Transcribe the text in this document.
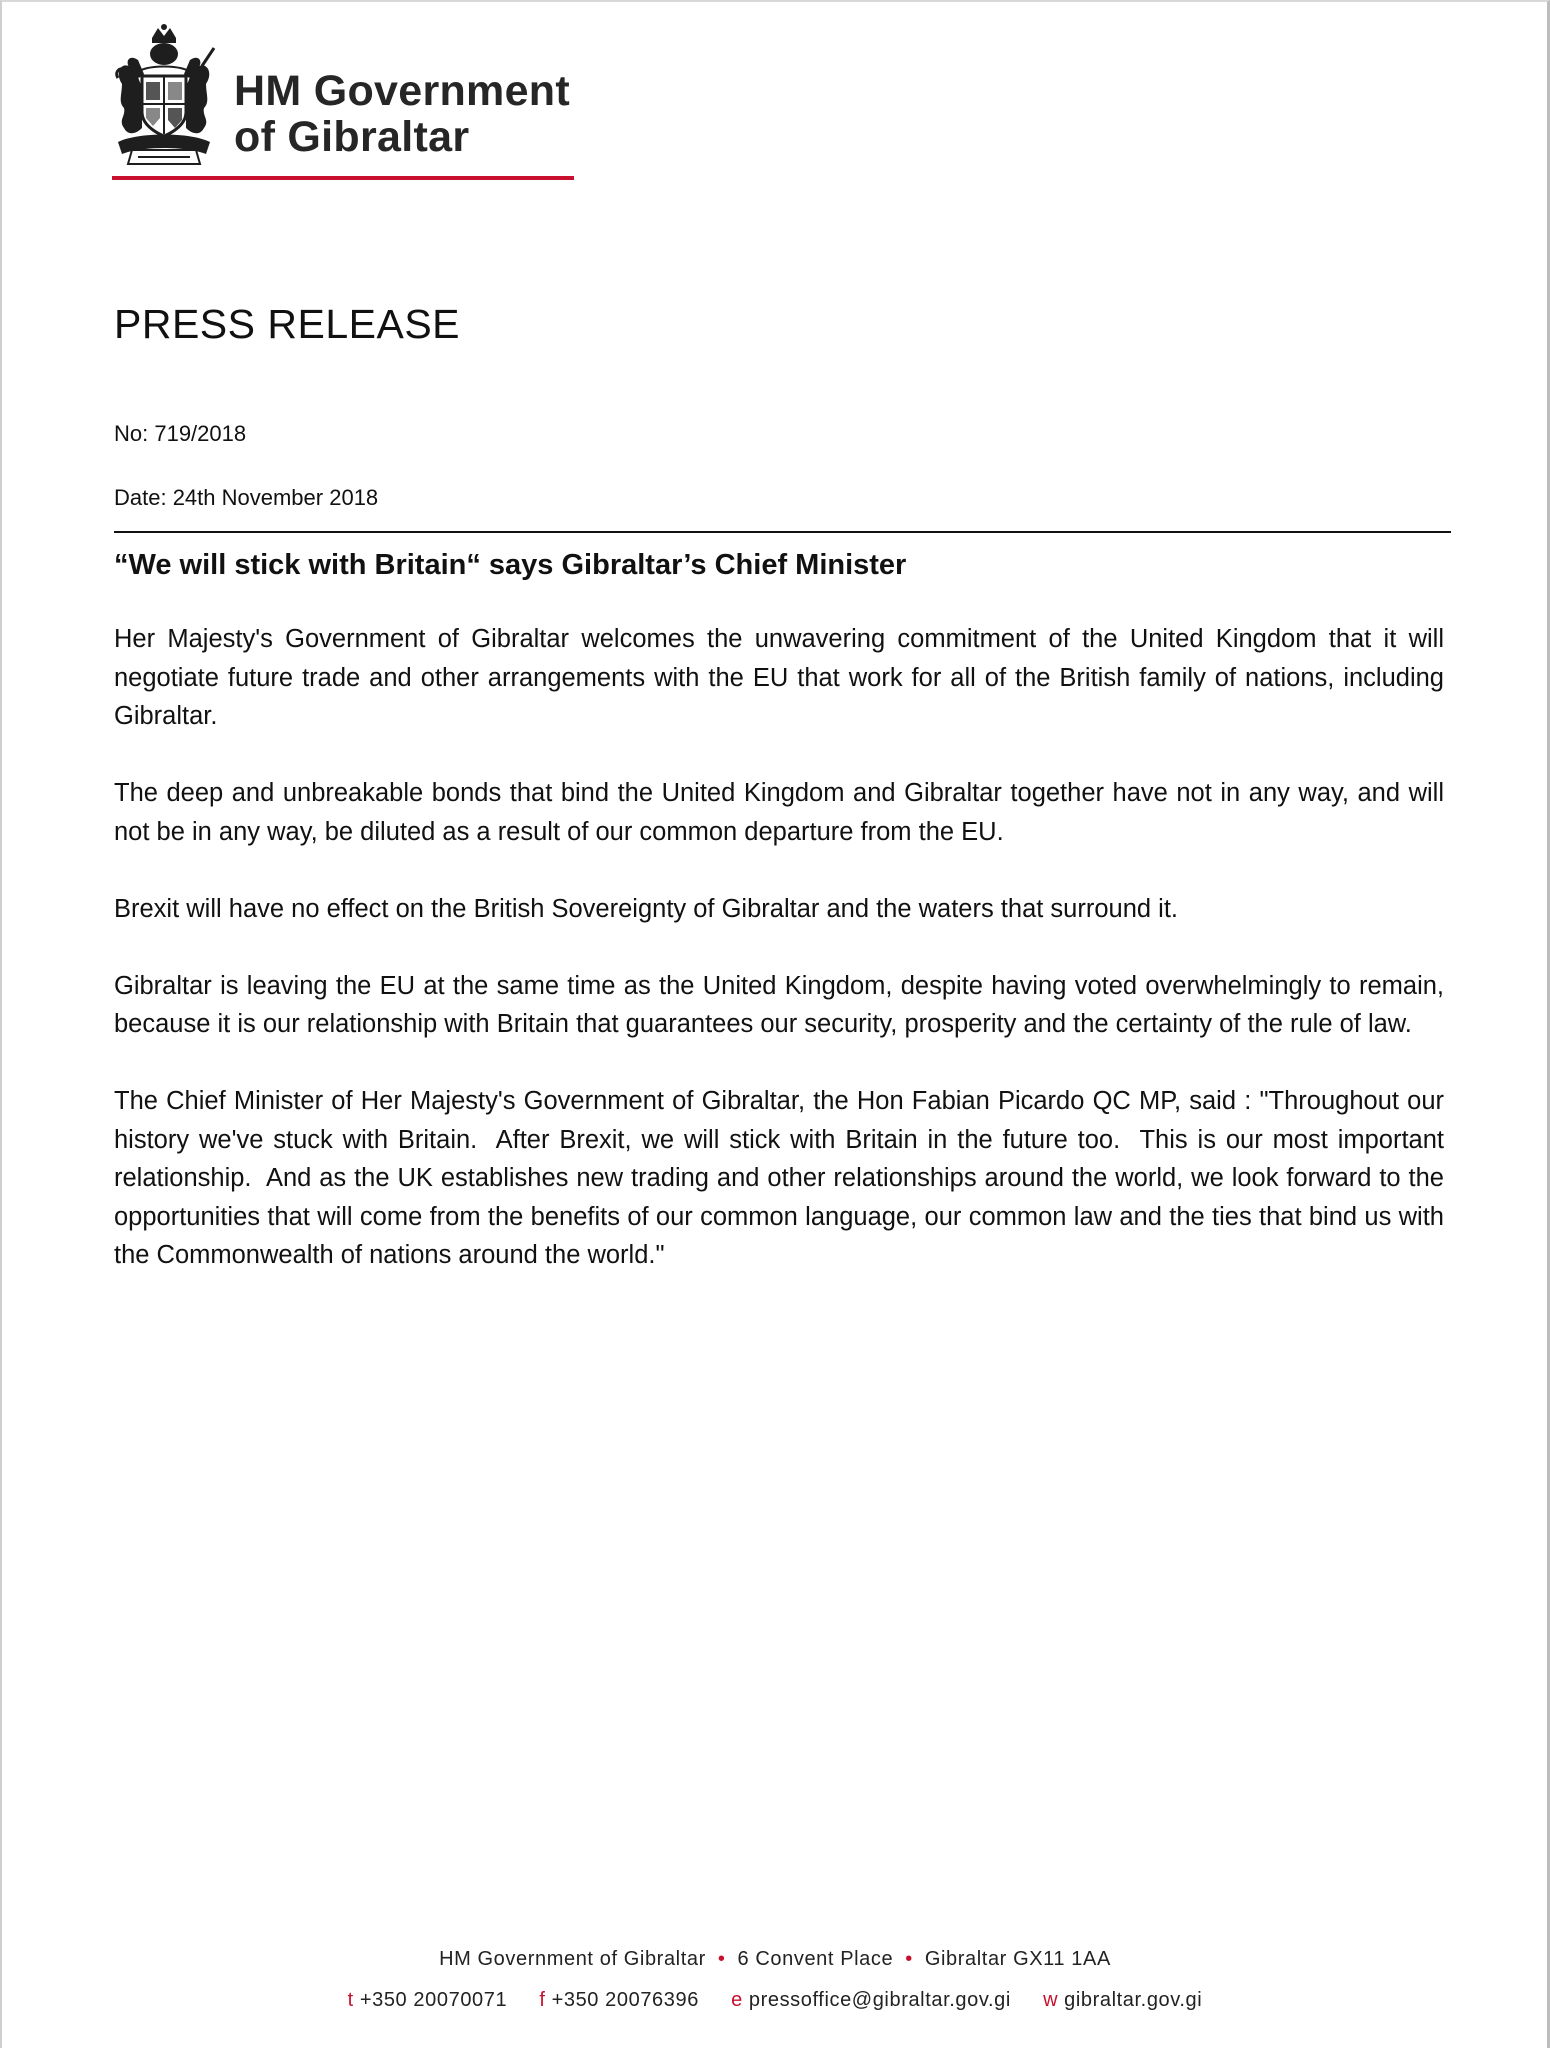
HM Government
of Gibraltar
PRESS RELEASE
No: 719/2018
Date: 24th November 2018
“We will stick with Britain“ says Gibraltar’s Chief Minister

Her Majesty's Government of Gibraltar welcomes the unwavering commitment of the United Kingdom that it will negotiate future trade and other arrangements with the EU that work for all of the British family of nations, including Gibraltar.

The deep and unbreakable bonds that bind the United Kingdom and Gibraltar together have not in any way, and will not be in any way, be diluted as a result of our common departure from the EU.

Brexit will have no effect on the British Sovereignty of Gibraltar and the waters that surround it.

Gibraltar is leaving the EU at the same time as the United Kingdom, despite having voted overwhelmingly to remain, because it is our relationship with Britain that guarantees our security, prosperity and the certainty of the rule of law.

The Chief Minister of Her Majesty's Government of Gibraltar, the Hon Fabian Picardo QC MP, said : "Throughout our history we've stuck with Britain.  After Brexit, we will stick with Britain in the future too.  This is our most important relationship.  And as the UK establishes new trading and other relationships around the world, we look forward to the opportunities that will come from the benefits of our common language, our common law and the ties that bind us with the Commonwealth of nations around the world."

HM Government of Gibraltar • 6 Convent Place • Gibraltar GX11 1AA
t +350 20070071 f +350 20076396 e pressoffice@gibraltar.gov.gi w gibraltar.gov.gi
